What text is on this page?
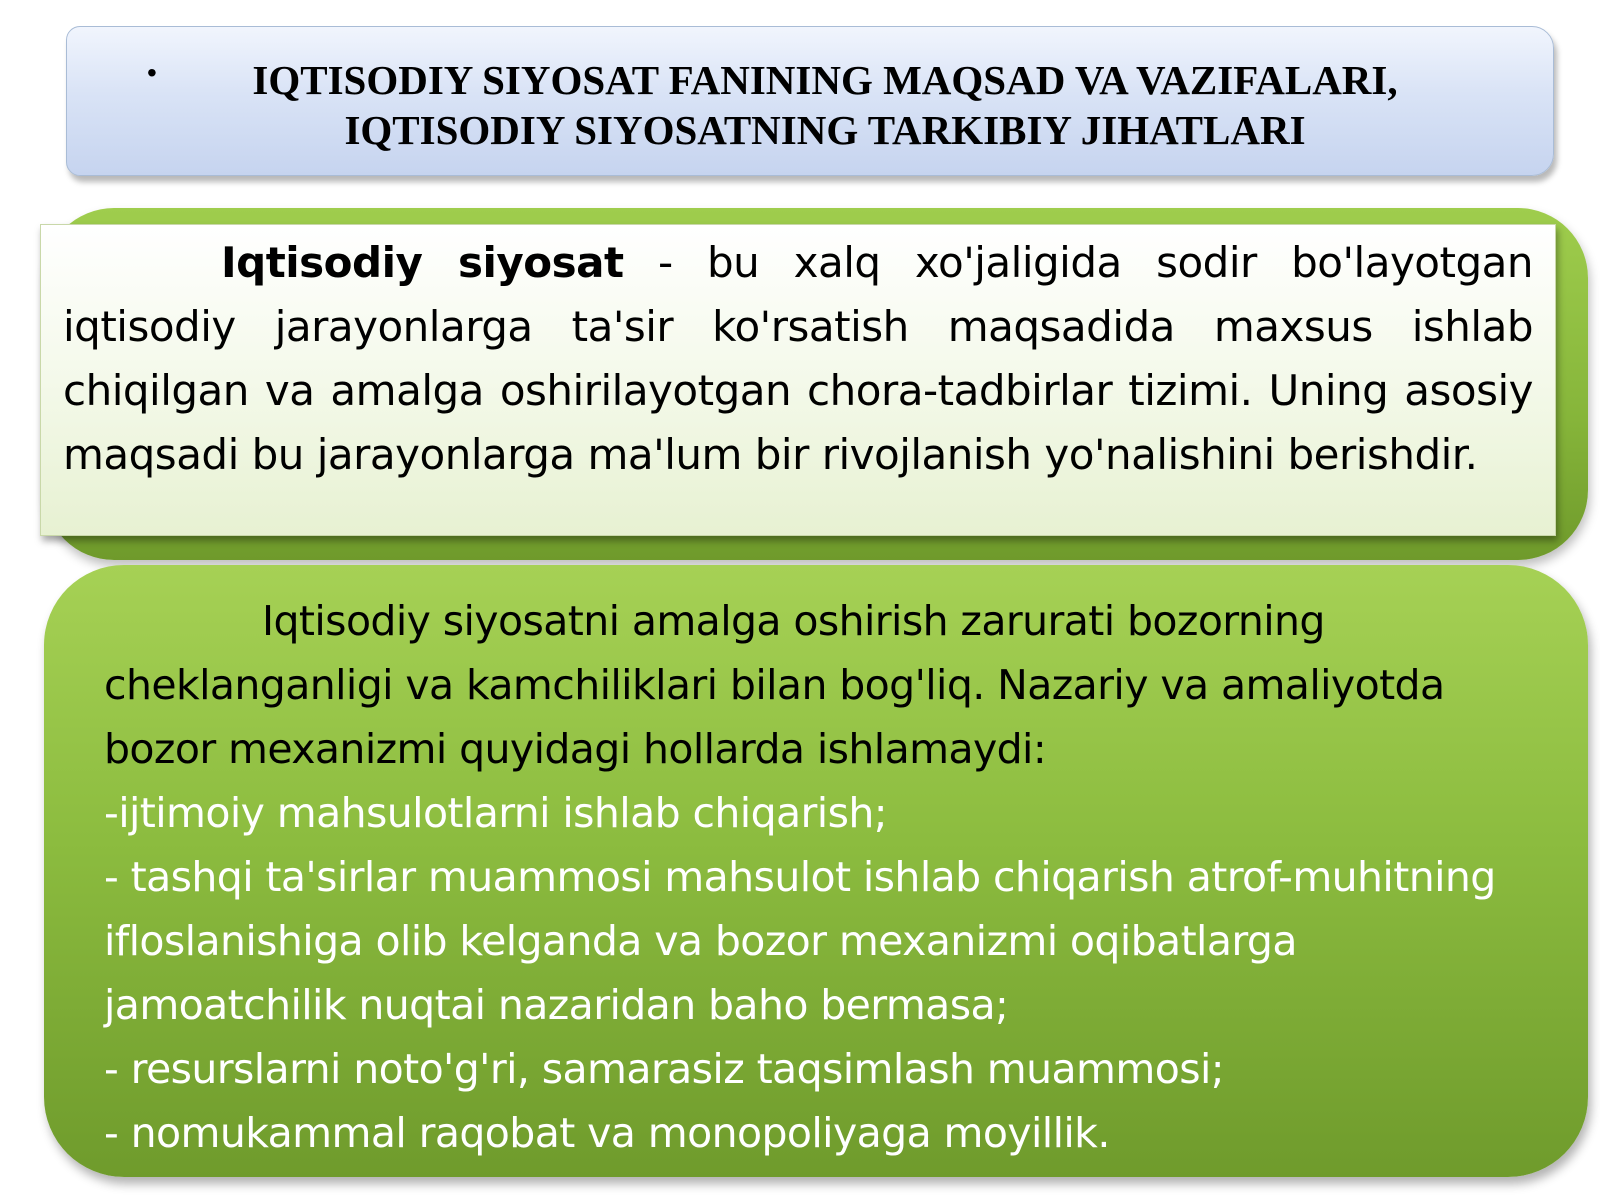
•	IQTISODIY SIYOSAT FANINING MAQSAD VA VAZIFALARI,
IQTISODIY SIYOSATNING TARKIBIY JIHATLARI
Iqtisodiy siyosat - bu xalq xo'jaligida sodir bo'layotgan iqtisodiy jarayonlarga ta'sir ko'rsatish maqsadida maxsus ishlab chiqilgan va amalga oshirilayotgan chora-tadbirlar tizimi. Uning asosiy maqsadi bu jarayonlarga ma'lum bir rivojlanish yo'nalishini berishdir.
Iqtisodiy siyosatni amalga oshirish zarurati bozorning cheklanganligi va kamchiliklari bilan bog'liq. Nazariy va amaliyotda bozor mexanizmi quyidagi hollarda ishlamaydi:
-ijtimoiy mahsulotlarni ishlab chiqarish;
- tashqi ta'sirlar muammosi mahsulot ishlab chiqarish atrof-muhitning ifloslanishiga olib kelganda va bozor mexanizmi oqibatlarga jamoatchilik nuqtai nazaridan baho bermasa;
- resurslarni noto'g'ri, samarasiz taqsimlash muammosi;
- nomukammal raqobat va monopoliyaga moyillik.
